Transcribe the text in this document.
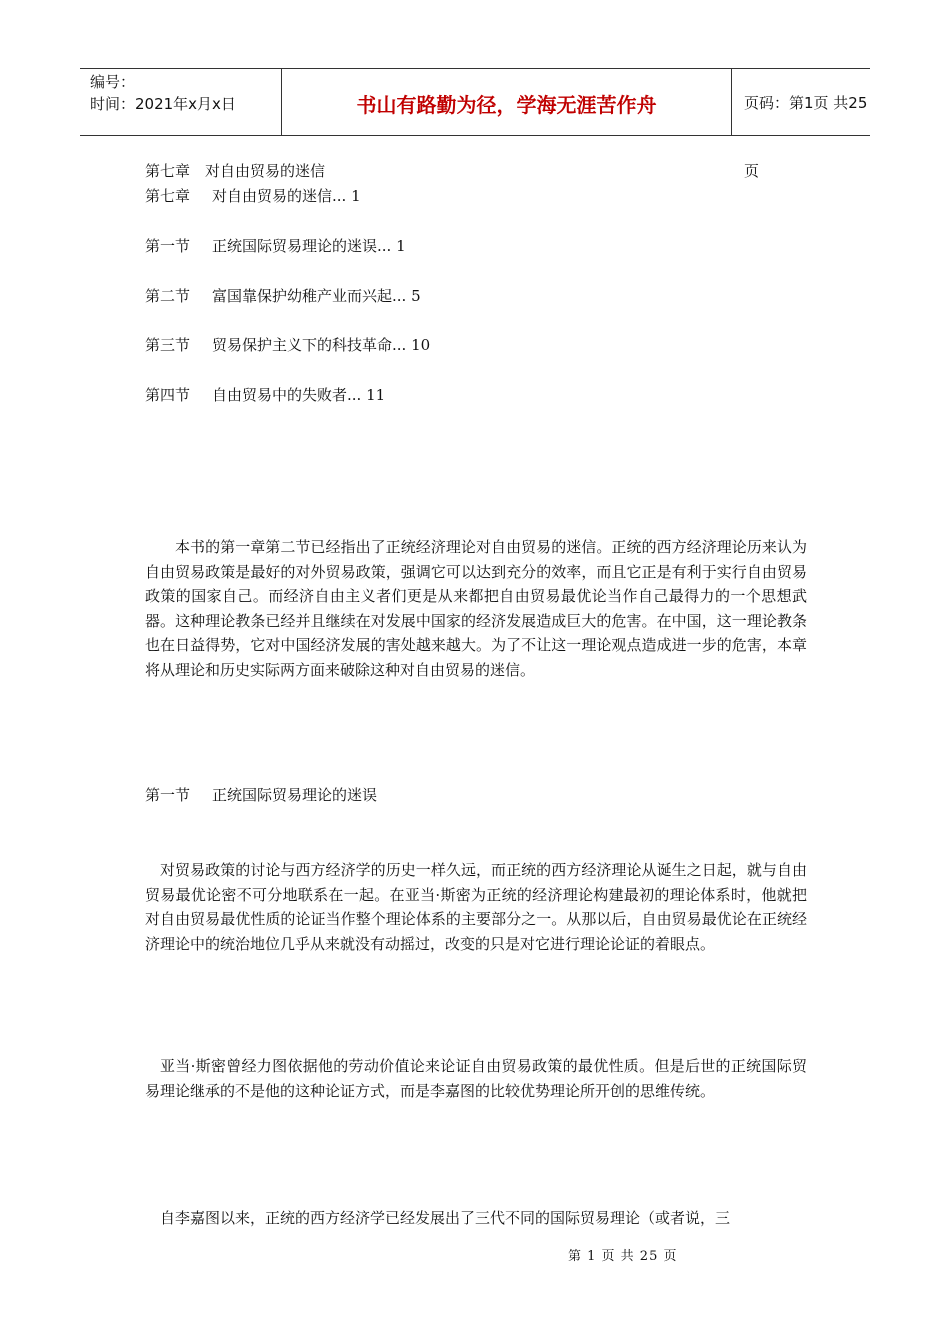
编号：
时间：2021年x月x日	书山有路勤为径，学海无涯苦作舟	页码：第1页 共25页
第七章　对自由贸易的迷信
第七章 对自由贸易的迷信... 1
第一节 正统国际贸易理论的迷误... 1
第二节 富国靠保护幼稚产业而兴起... 5
第三节 贸易保护主义下的科技革命... 10
第四节 自由贸易中的失败者... 11

本书的第一章第二节已经指出了正统经济理论对自由贸易的迷信。正统的西方经济理论历来认为自由贸易政策是最好的对外贸易政策，强调它可以达到充分的效率，而且它正是有利于实行自由贸易政策的国家自己。而经济自由主义者们更是从来都把自由贸易最优论当作自己最得力的一个思想武器。这种理论教条已经并且继续在对发展中国家的经济发展造成巨大的危害。在中国，这一理论教条也在日益得势，它对中国经济发展的害处越来越大。为了不让这一理论观点造成进一步的危害，本章将从理论和历史实际两方面来破除这种对自由贸易的迷信。

第一节 正统国际贸易理论的迷误

对贸易政策的讨论与西方经济学的历史一样久远，而正统的西方经济理论从诞生之日起，就与自由贸易最优论密不可分地联系在一起。在亚当·斯密为正统的经济理论构建最初的理论体系时，他就把对自由贸易最优性质的论证当作整个理论体系的主要部分之一。从那以后，自由贸易最优论在正统经济理论中的统治地位几乎从来就没有动摇过，改变的只是对它进行理论论证的着眼点。

亚当·斯密曾经力图依据他的劳动价值论来论证自由贸易政策的最优性质。但是后世的正统国际贸易理论继承的不是他的这种论证方式，而是李嘉图的比较优势理论所开创的思维传统。

自李嘉图以来，正统的西方经济学已经发展出了三代不同的国际贸易理论（或者说，三

第 1 页 共 25 页
